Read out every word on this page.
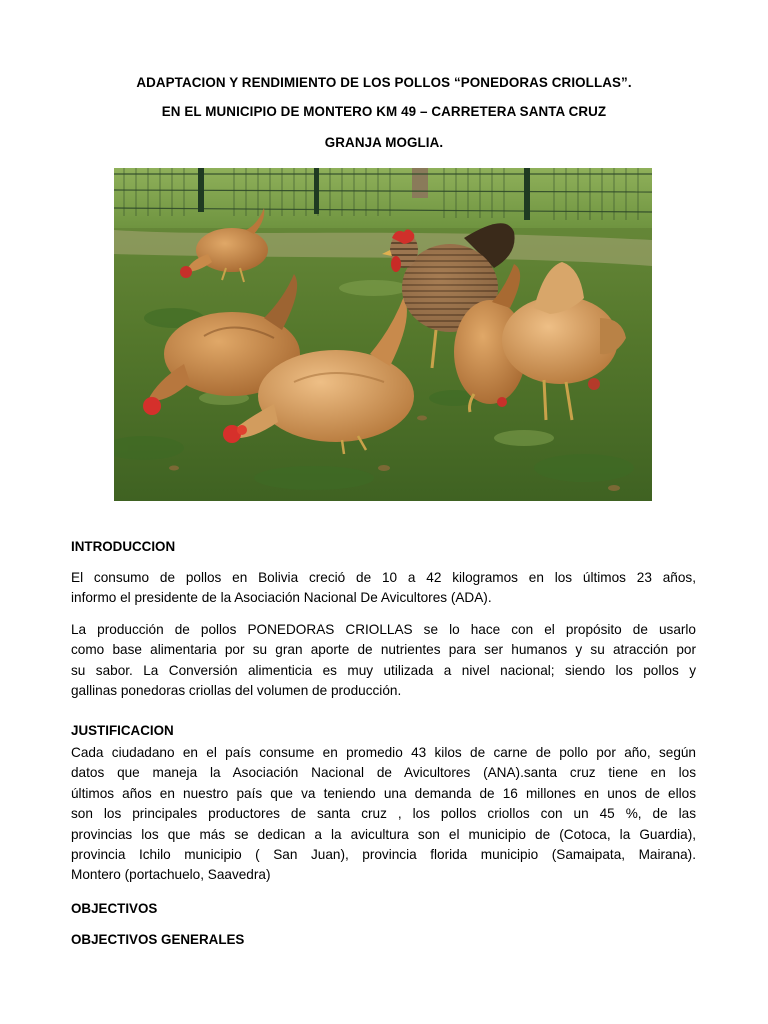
ADAPTACION Y RENDIMIENTO DE LOS POLLOS “PONEDORAS CRIOLLAS”.
EN EL MUNICIPIO DE MONTERO KM 49 – CARRETERA SANTA CRUZ
GRANJA MOGLIA.
INTRODUCCION
El consumo de pollos en Bolivia creció de 10 a 42 kilogramos en los últimos 23 años,
informo el presidente de la Asociación Nacional De Avicultores (ADA).
La producción de pollos PONEDORAS CRIOLLAS se lo hace con el propósito de usarlo
como base alimentaria por su gran aporte de nutrientes para ser humanos y su atracción por
su sabor. La Conversión alimenticia es muy utilizada a nivel nacional; siendo los pollos y
gallinas ponedoras criollas del volumen de producción.
JUSTIFICACION
Cada ciudadano en el país consume en promedio 43 kilos de carne de pollo por año, según
datos que maneja la Asociación Nacional de Avicultores (ANA).santa cruz tiene en los
últimos años en nuestro país que va teniendo una demanda de 16 millones en unos de ellos
son los principales productores de santa cruz , los pollos criollos con un 45 %, de las
provincias los que más se dedican a la avicultura son el municipio de (Cotoca, la Guardia),
provincia Ichilo municipio ( San Juan), provincia florida municipio (Samaipata, Mairana).
Montero (portachuelo, Saavedra)
OBJECTIVOS
OBJECTIVOS GENERALES
